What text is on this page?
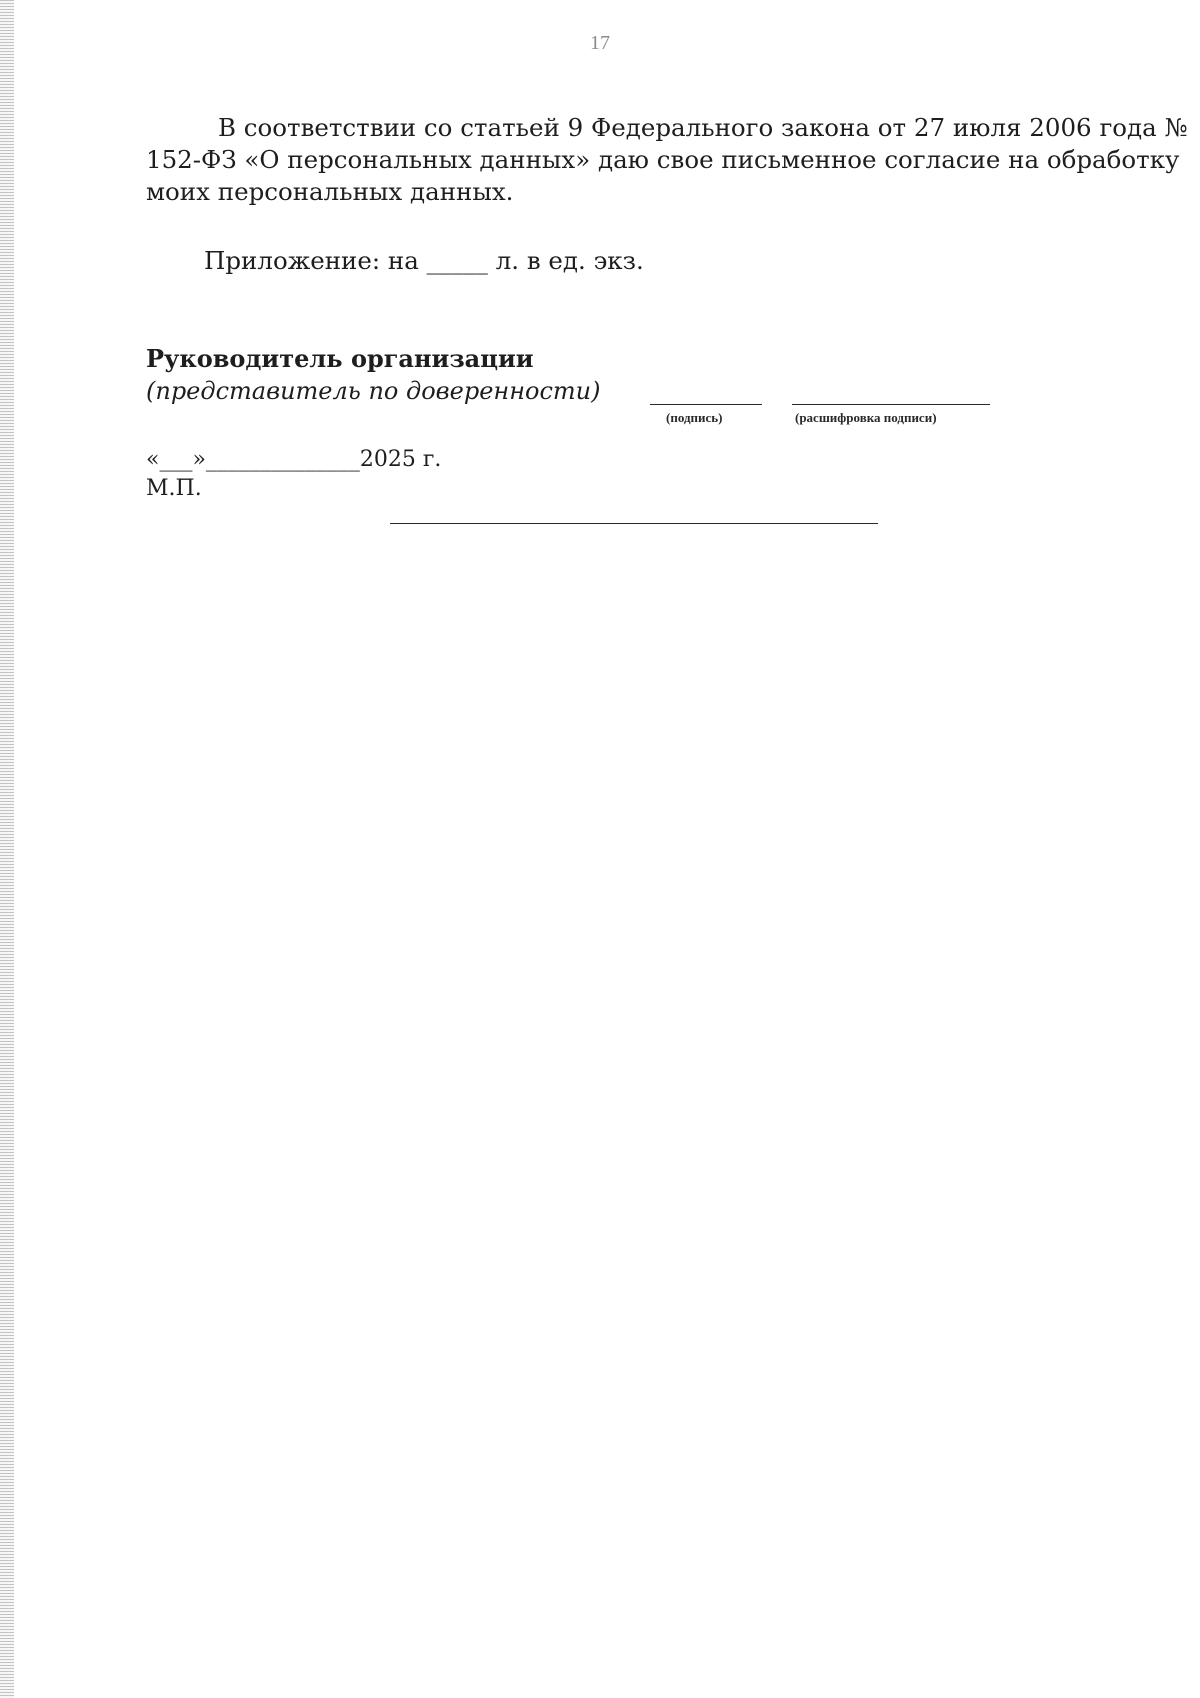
17
В соответствии со статьей 9 Федерального закона от 27 июля 2006 года №
152-ФЗ «О персональных данных» даю свое письменное согласие на обработку
моих персональных данных.
Приложение: на _____ л. в ед. экз.
Руководитель организации
(представитель по доверенности)
(подпись)	(расшифровка подписи)
«___»______________2025 г.
М.П.
